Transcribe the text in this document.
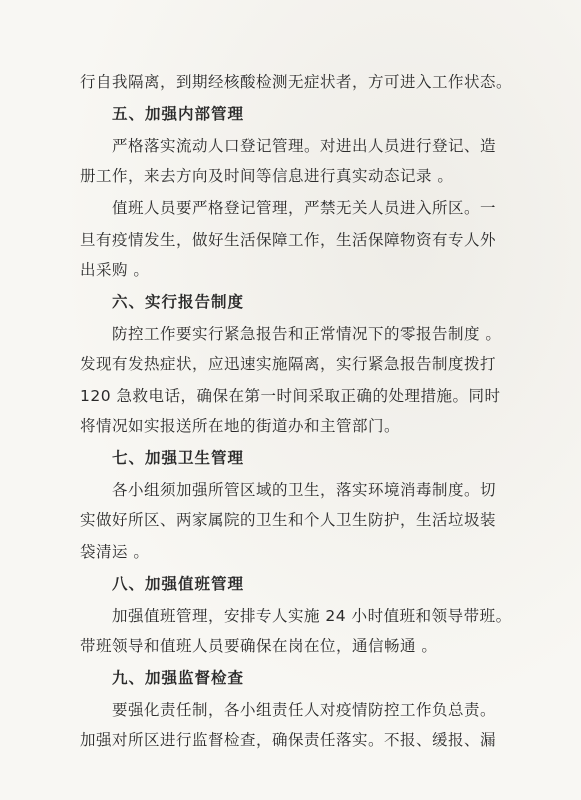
行自我隔离，到期经核酸检测无症状者，方可进入工作状态。
五、加强内部管理
严格落实流动人口登记管理。对进出人员进行登记、造
册工作，来去方向及时间等信息进行真实动态记录 。
值班人员要严格登记管理，严禁无关人员进入所区。一
旦有疫情发生，做好生活保障工作，生活保障物资有专人外
出采购 。
六、实行报告制度
防控工作要实行紧急报告和正常情况下的零报告制度 。
发现有发热症状，应迅速实施隔离，实行紧急报告制度拨打
120 急救电话，确保在第一时间采取正确的处理措施。同时
将情况如实报送所在地的街道办和主管部门。
七、加强卫生管理
各小组须加强所管区域的卫生，落实环境消毒制度。切
实做好所区、两家属院的卫生和个人卫生防护，生活垃圾装
袋清运 。
八、加强值班管理
加强值班管理，安排专人实施 24 小时值班和领导带班。
带班领导和值班人员要确保在岗在位，通信畅通 。
九、加强监督检查
要强化责任制，各小组责任人对疫情防控工作负总责。
加强对所区进行监督检查，确保责任落实。不报、缓报、漏
